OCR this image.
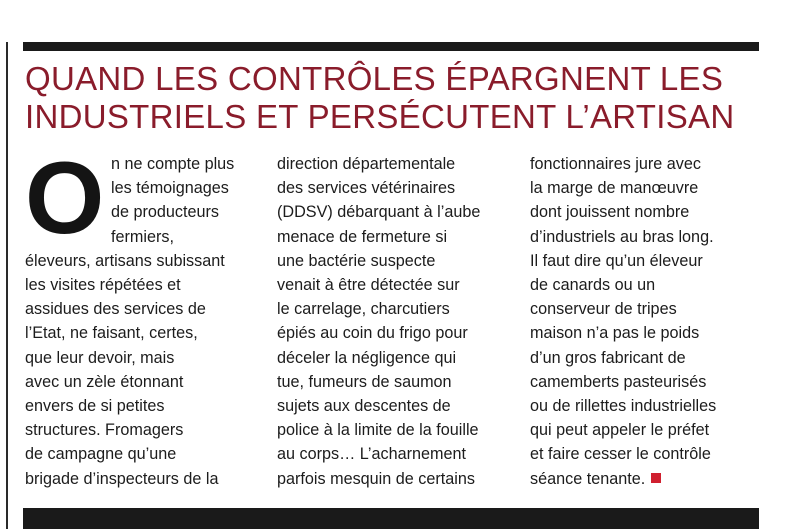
QUAND LES CONTRÔLES ÉPARGNENT LES
INDUSTRIELS ET PERSÉCUTENT L’ARTISAN
O n ne compte plus
les témoignages
de producteurs
fermiers,
éleveurs, artisans subissant
les visites répétées et
assidues des services de
l’Etat, ne faisant, certes,
que leur devoir, mais
avec un zèle étonnant
envers de si petites
structures. Fromagers
de campagne qu’une
brigade d’inspecteurs de la
direction départementale
des services vétérinaires
(DDSV) débarquant à l’aube
menace de fermeture si
une bactérie suspecte
venait à être détectée sur
le carrelage, charcutiers
épiés au coin du frigo pour
déceler la négligence qui
tue, fumeurs de saumon
sujets aux descentes de
police à la limite de la fouille
au corps… L’acharnement
parfois mesquin de certains
fonctionnaires jure avec
la marge de manœuvre
dont jouissent nombre
d’industriels au bras long.
Il faut dire qu’un éleveur
de canards ou un
conserveur de tripes
maison n’a pas le poids
d’un gros fabricant de
camemberts pasteurisés
ou de rillettes industrielles
qui peut appeler le préfet
et faire cesser le contrôle
séance tenante.
